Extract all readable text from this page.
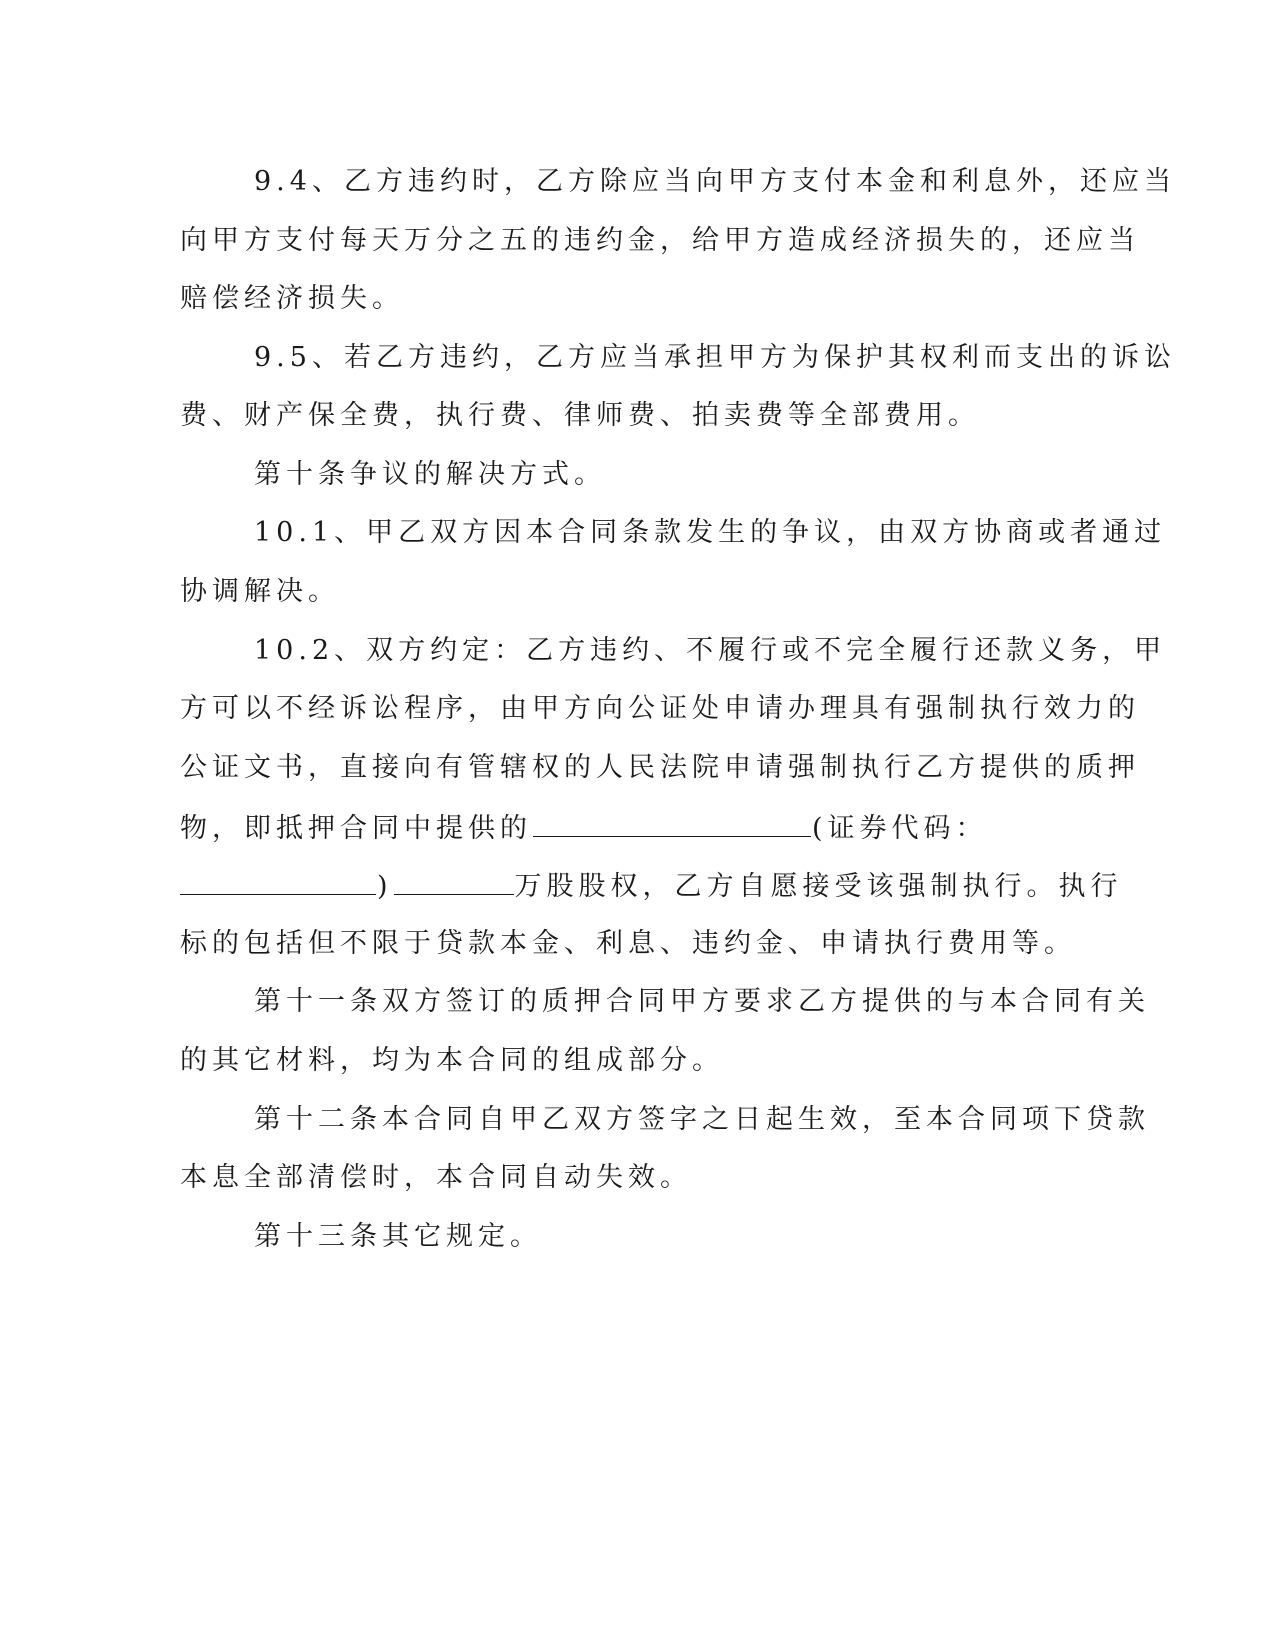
9.4、乙方违约时，乙方除应当向甲方支付本金和利息外，还应当
向甲方支付每天万分之五的违约金，给甲方造成经济损失的，还应当
赔偿经济损失。
9.5、若乙方违约，乙方应当承担甲方为保护其权利而支出的诉讼
费、财产保全费，执行费、律师费、拍卖费等全部费用。
第十条争议的解决方式。
10.1、甲乙双方因本合同条款发生的争议，由双方协商或者通过
协调解决。
10.2、双方约定：乙方违约、不履行或不完全履行还款义务，甲
方可以不经诉讼程序，由甲方向公证处申请办理具有强制执行效力的
公证文书，直接向有管辖权的人民法院申请强制执行乙方提供的质押
物，即抵押合同中提供的	(证券代码：
)	万股股权，乙方自愿接受该强制执行。执行
标的包括但不限于贷款本金、利息、违约金、申请执行费用等。
第十一条双方签订的质押合同甲方要求乙方提供的与本合同有关
的其它材料，均为本合同的组成部分。
第十二条本合同自甲乙双方签字之日起生效，至本合同项下贷款
本息全部清偿时，本合同自动失效。
第十三条其它规定。
